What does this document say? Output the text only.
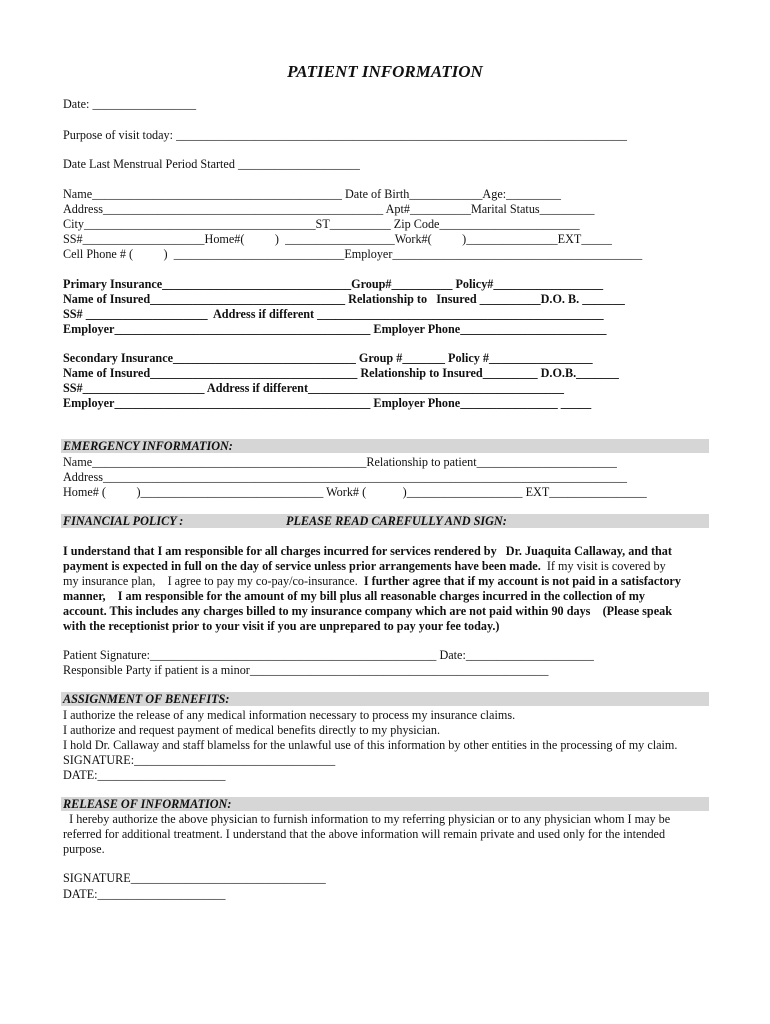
PATIENT INFORMATION
Date: _________________
Purpose of visit today: __________________________________________________________________________
Date Last Menstrual Period Started ____________________
Name_________________________________________ Date of Birth____________Age:_________
Address______________________________________________ Apt#__________Marital Status_________
City______________________________________ST__________ Zip Code_______________________
SS#____________________Home#(          )  __________________Work#(          )_______________EXT_____
Cell Phone # (          )  ____________________________Employer_________________________________________
Primary Insurance_______________________________Group#__________ Policy#__________________
Name of Insured________________________________ Relationship to   Insured __________D.O. B. _______
SS# ____________________  Address if different _______________________________________________
Employer__________________________________________ Employer Phone________________________
Secondary Insurance______________________________ Group #_______ Policy #_________________
Name of Insured__________________________________ Relationship to Insured_________ D.O.B._______
SS#____________________ Address if different__________________________________________
Employer__________________________________________ Employer Phone________________ _____
EMERGENCY INFORMATION:
Name_____________________________________________Relationship to patient_______________________
Address______________________________________________________________________________________
Home# (          )______________________________ Work# (            )___________________ EXT________________
FINANCIAL POLICY :	PLEASE READ CAREFULLY AND SIGN:

I understand that I am responsible for all charges incurred for services rendered by   Dr. Juaquita Callaway, and that

payment is expected in full on the day of service unless prior arrangements have been made.  If my visit is covered by

my insurance plan,    I agree to pay my co-pay/co-insurance.  I further agree that if my account is not paid in a satisfactory

manner,    I am responsible for the amount of my bill plus all reasonable charges incurred in the collection of my

account. This includes any charges billed to my insurance company which are not paid within 90 days    (Please speak

with the receptionist prior to your visit if you are unprepared to pay your fee today.)

Patient Signature:_______________________________________________ Date:_____________________
Responsible Party if patient is a minor_________________________________________________
ASSIGNMENT OF BENEFITS:
I authorize the release of any medical information necessary to process my insurance claims.
I authorize and request payment of medical benefits directly to my physician.
I hold Dr. Callaway and staff blamelss for the unlawful use of this information by other entities in the processing of my claim.
SIGNATURE:_________________________________
DATE:_____________________
RELEASE OF INFORMATION:
I hereby authorize the above physician to furnish information to my referring physician or to any physician whom I may be
referred for additional treatment. I understand that the above information will remain private and used only for the intended
purpose.
SIGNATURE________________________________
DATE:_____________________
